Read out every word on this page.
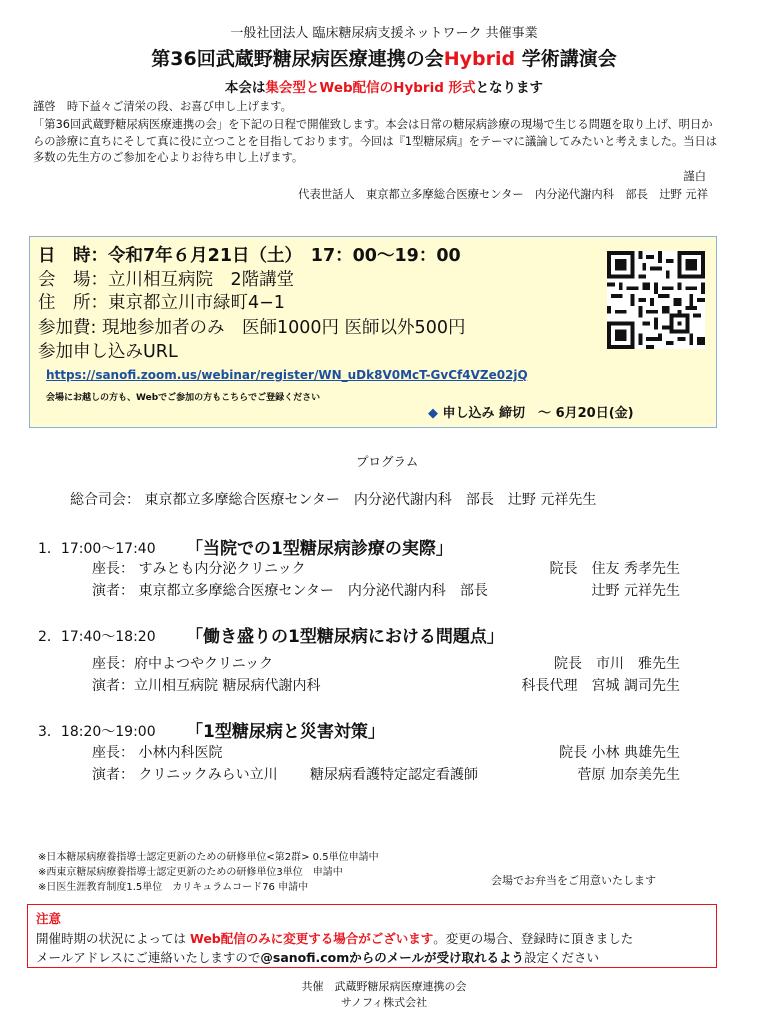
一般社団法人 臨床糖尿病支援ネットワーク 共催事業
第36回武蔵野糖尿病医療連携の会Hybrid 学術講演会
本会は集会型とWeb配信のHybrid 形式となります
謹啓　時下益々ご清栄の段、お喜び申し上げます。
「第36回武蔵野糖尿病医療連携の会」を下記の日程で開催致します。本会は日常の糖尿病診療の現場で生じる問題を取り上げ、明日からの診療に直ちにそして真に役に立つことを目指しております。今回は『1型糖尿病』をテーマに議論してみたいと考えました。当日は多数の先生方のご参加を心よりお待ち申し上げます。
謹白
代表世話人　東京都立多摩総合医療センター　内分泌代謝内科　部長　辻野 元祥
日　時：令和7年６月21日（土）　17：00〜19：00
会　場：立川相互病院　2階講堂
住　所：東京都立川市緑町4−1
参加費: 現地参加者のみ　医師1000円 医師以外500円
参加申し込みURL
https://sanofi.zoom.us/webinar/register/WN_uDk8V0McT-GvCf4VZe02jQ
会場にお越しの方も、Webでご参加の方もこちらでご登録ください
◆ 申し込み 締切　～ 6月20日(金)
プログラム
総合司会： 東京都立多摩総合医療センター　内分泌代謝内科　部長　辻野 元祥先生
1．17:00～17:40 「当院での1型糖尿病診療の実際」
座長： すみとも内分泌クリニック	院長　住友 秀孝先生
演者： 東京都立多摩総合医療センター　内分泌代謝内科　部長	辻野 元祥先生
2．17:40～18:20 「働き盛りの1型糖尿病における問題点」
座長：府中よつやクリニック	院長　市川　雅先生
演者：立川相互病院 糖尿病代謝内科	科長代理　宮城 調司先生
3．18:20～19:00 「1型糖尿病と災害対策」
座長： 小林内科医院	院長 小林 典雄先生
演者： クリニックみらい立川　　 糖尿病看護特定認定看護師	菅原 加奈美先生
※日本糖尿病療養指導士認定更新のための研修単位<第2群> 0.5単位申請中
※西東京糖尿病療養指導士認定更新のための研修単位3単位　申請中
※日医生涯教育制度1.5単位　カリキュラムコード76 申請中
会場でお弁当をご用意いたします
注意
開催時期の状況によっては Web配信のみに変更する場合がございます。変更の場合、登録時に頂きました
メールアドレスにご連絡いたしますので@sanofi.comからのメールが受け取れるよう設定ください
共催　武蔵野糖尿病医療連携の会
サノフィ株式会社
